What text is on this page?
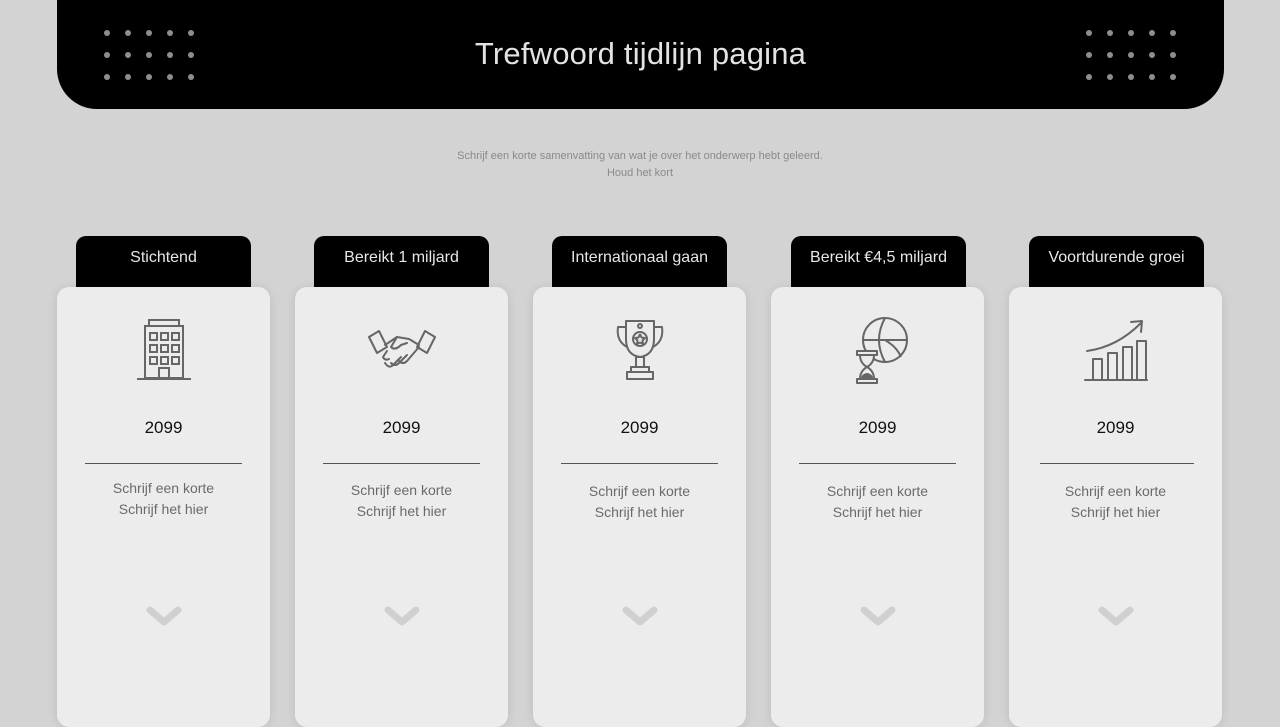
Trefwoord tijdlijn pagina
Schrijf een korte samenvatting van wat je over het onderwerp hebt geleerd.
Houd het kort
Stichtend
2099
Schrijf een korte
Schrijf het hier
Bereikt 1 miljard
2099
Schrijf een korte
Schrijf het hier
Internationaal gaan
2099
Schrijf een korte
Schrijf het hier
Bereikt €4,5 miljard
2099
Schrijf een korte
Schrijf het hier
Voortdurende groei
2099
Schrijf een korte
Schrijf het hier
